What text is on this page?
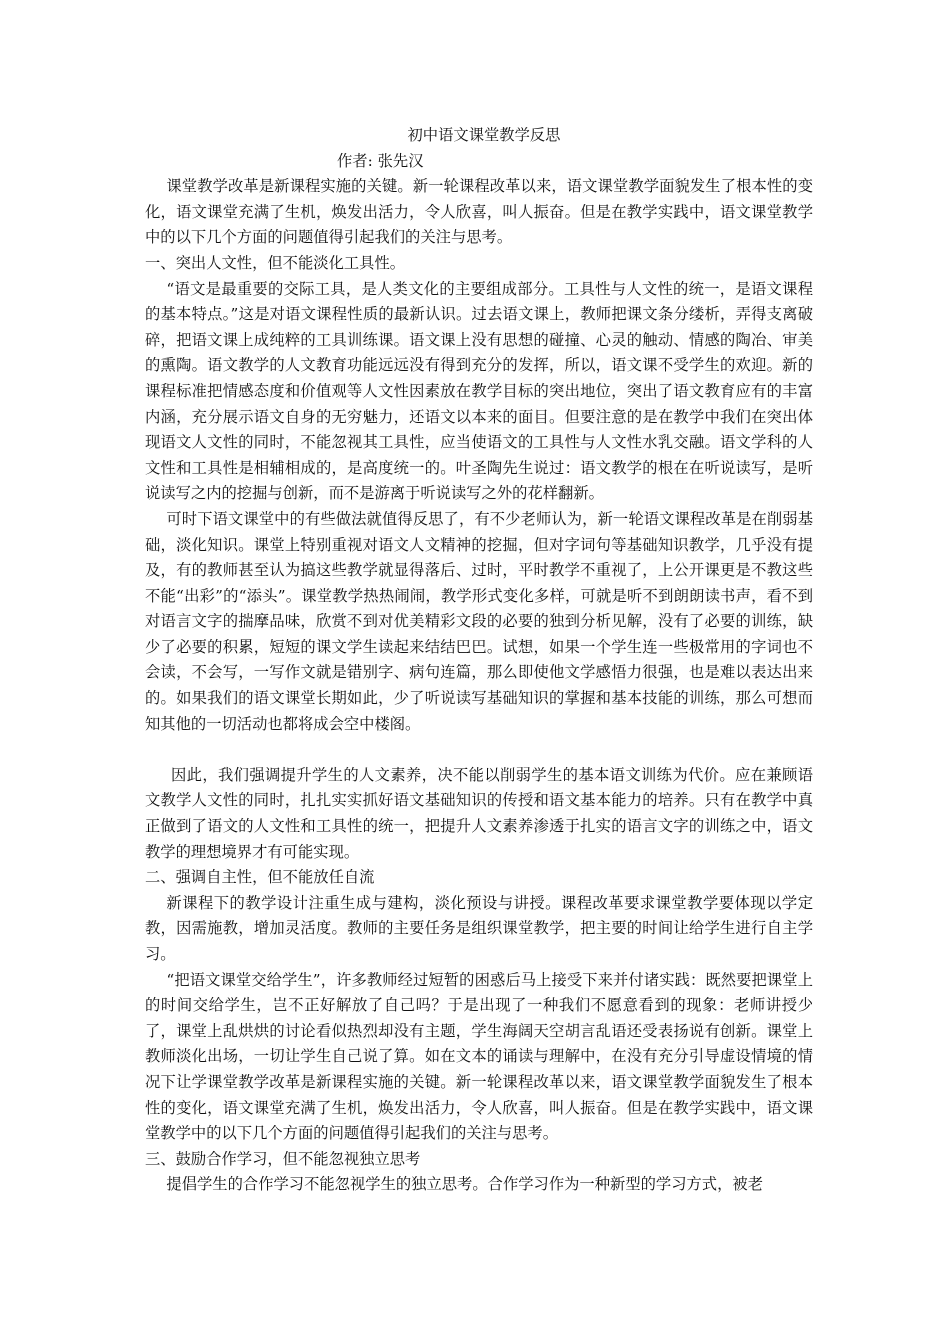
初中语文课堂教学反思

作者: 张先汉

课堂教学改革是新课程实施的关键。新一轮课程改革以来，语文课堂教学面貌发生了根本性的变化，语文课堂充满了生机，焕发出活力，令人欣喜，叫人振奋。但是在教学实践中，语文课堂教学中的以下几个方面的问题值得引起我们的关注与思考。

一、突出人文性，但不能淡化工具性。

“语文是最重要的交际工具，是人类文化的主要组成部分。工具性与人文性的统一，是语文课程的基本特点。”这是对语文课程性质的最新认识。过去语文课上，教师把课文条分缕析，弄得支离破碎，把语文课上成纯粹的工具训练课。语文课上没有思想的碰撞、心灵的触动、情感的陶冶、审美的熏陶。语文教学的人文教育功能远远没有得到充分的发挥，所以，语文课不受学生的欢迎。新的课程标准把情感态度和价值观等人文性因素放在教学目标的突出地位，突出了语文教育应有的丰富内涵，充分展示语文自身的无穷魅力，还语文以本来的面目。但要注意的是在教学中我们在突出体现语文人文性的同时，不能忽视其工具性，应当使语文的工具性与人文性水乳交融。语文学科的人文性和工具性是相辅相成的，是高度统一的。叶圣陶先生说过：语文教学的根在在听说读写，是听说读写之内的挖掘与创新，而不是游离于听说读写之外的花样翻新。

可时下语文课堂中的有些做法就值得反思了，有不少老师认为，新一轮语文课程改革是在削弱基础，淡化知识。课堂上特别重视对语文人文精神的挖掘，但对字词句等基础知识教学，几乎没有提及，有的教师甚至认为搞这些教学就显得落后、过时，平时教学不重视了，上公开课更是不教这些不能“出彩”的“添头”。课堂教学热热闹闹，教学形式变化多样，可就是听不到朗朗读书声，看不到对语言文字的揣摩品味，欣赏不到对优美精彩文段的必要的独到分析见解，没有了必要的训练，缺少了必要的积累，短短的课文学生读起来结结巴巴。试想，如果一个学生连一些极常用的字词也不会读，不会写，一写作文就是错别字、病句连篇，那么即使他文学感悟力很强，也是难以表达出来的。如果我们的语文课堂长期如此，少了听说读写基础知识的掌握和基本技能的训练，那么可想而知其他的一切活动也都将成会空中楼阁。

因此，我们强调提升学生的人文素养，决不能以削弱学生的基本语文训练为代价。应在兼顾语文教学人文性的同时，扎扎实实抓好语文基础知识的传授和语文基本能力的培养。只有在教学中真正做到了语文的人文性和工具性的统一，把提升人文素养渗透于扎实的语言文字的训练之中，语文教学的理想境界才有可能实现。

二、强调自主性，但不能放任自流

新课程下的教学设计注重生成与建构，淡化预设与讲授。课程改革要求课堂教学要体现以学定教，因需施教，增加灵活度。教师的主要任务是组织课堂教学，把主要的时间让给学生进行自主学习。

“把语文课堂交给学生”，许多教师经过短暂的困惑后马上接受下来并付诸实践：既然要把课堂上的时间交给学生，岂不正好解放了自己吗？于是出现了一种我们不愿意看到的现象：老师讲授少了，课堂上乱烘烘的讨论看似热烈却没有主题，学生海阔天空胡言乱语还受表扬说有创新。课堂上教师淡化出场，一切让学生自己说了算。如在文本的诵读与理解中，在没有充分引导虚设情境的情况下让学课堂教学改革是新课程实施的关键。新一轮课程改革以来，语文课堂教学面貌发生了根本性的变化，语文课堂充满了生机，焕发出活力，令人欣喜，叫人振奋。但是在教学实践中，语文课堂教学中的以下几个方面的问题值得引起我们的关注与思考。

三、鼓励合作学习，但不能忽视独立思考

提倡学生的合作学习不能忽视学生的独立思考。合作学习作为一种新型的学习方式，被老
